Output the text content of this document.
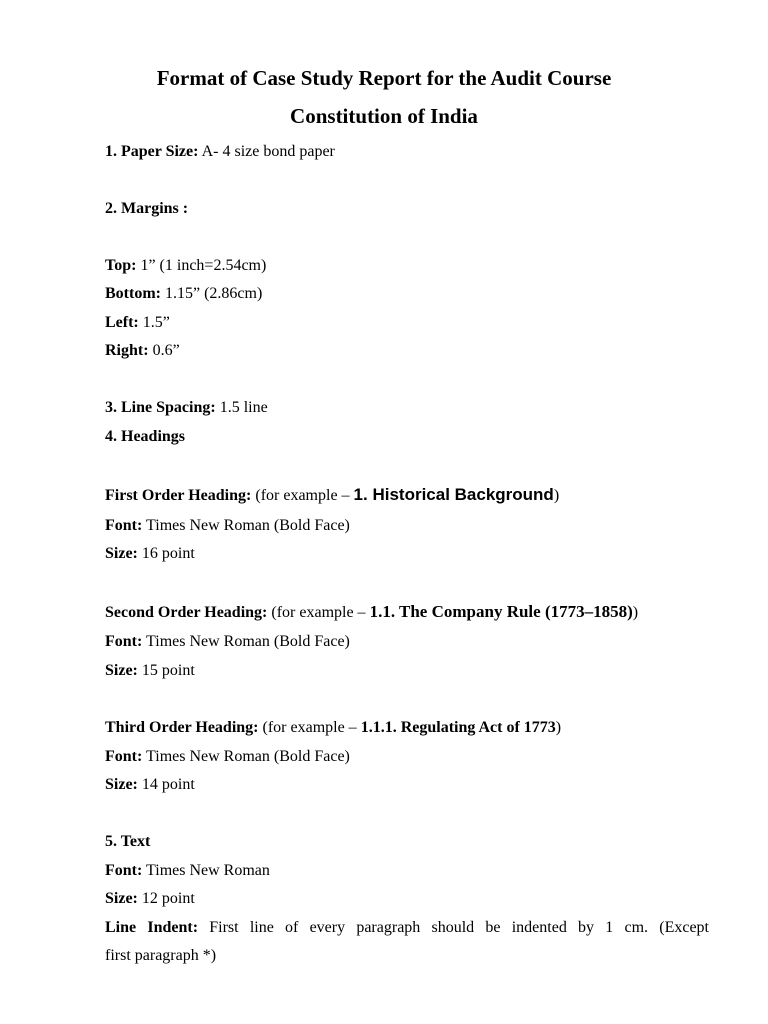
Format of Case Study Report for the Audit Course
Constitution of India

1. Paper Size: A- 4 size bond paper

2. Margins :

Top: 1” (1 inch=2.54cm)

Bottom: 1.15” (2.86cm)

Left: 1.5”

Right: 0.6”

3. Line Spacing: 1.5 line

4. Headings

First Order Heading: (for example – 1. Historical Background)

Font: Times New Roman (Bold Face)

Size: 16 point

Second Order Heading: (for example – 1.1. The Company Rule (1773–1858))

Font: Times New Roman (Bold Face)

Size: 15 point

Third Order Heading: (for example – 1.1.1. Regulating Act of 1773)

Font: Times New Roman (Bold Face)

Size: 14 point

5. Text

Font: Times New Roman

Size: 12 point

Line Indent: First line of every paragraph should be indented by 1 cm. (Except

first paragraph *)
